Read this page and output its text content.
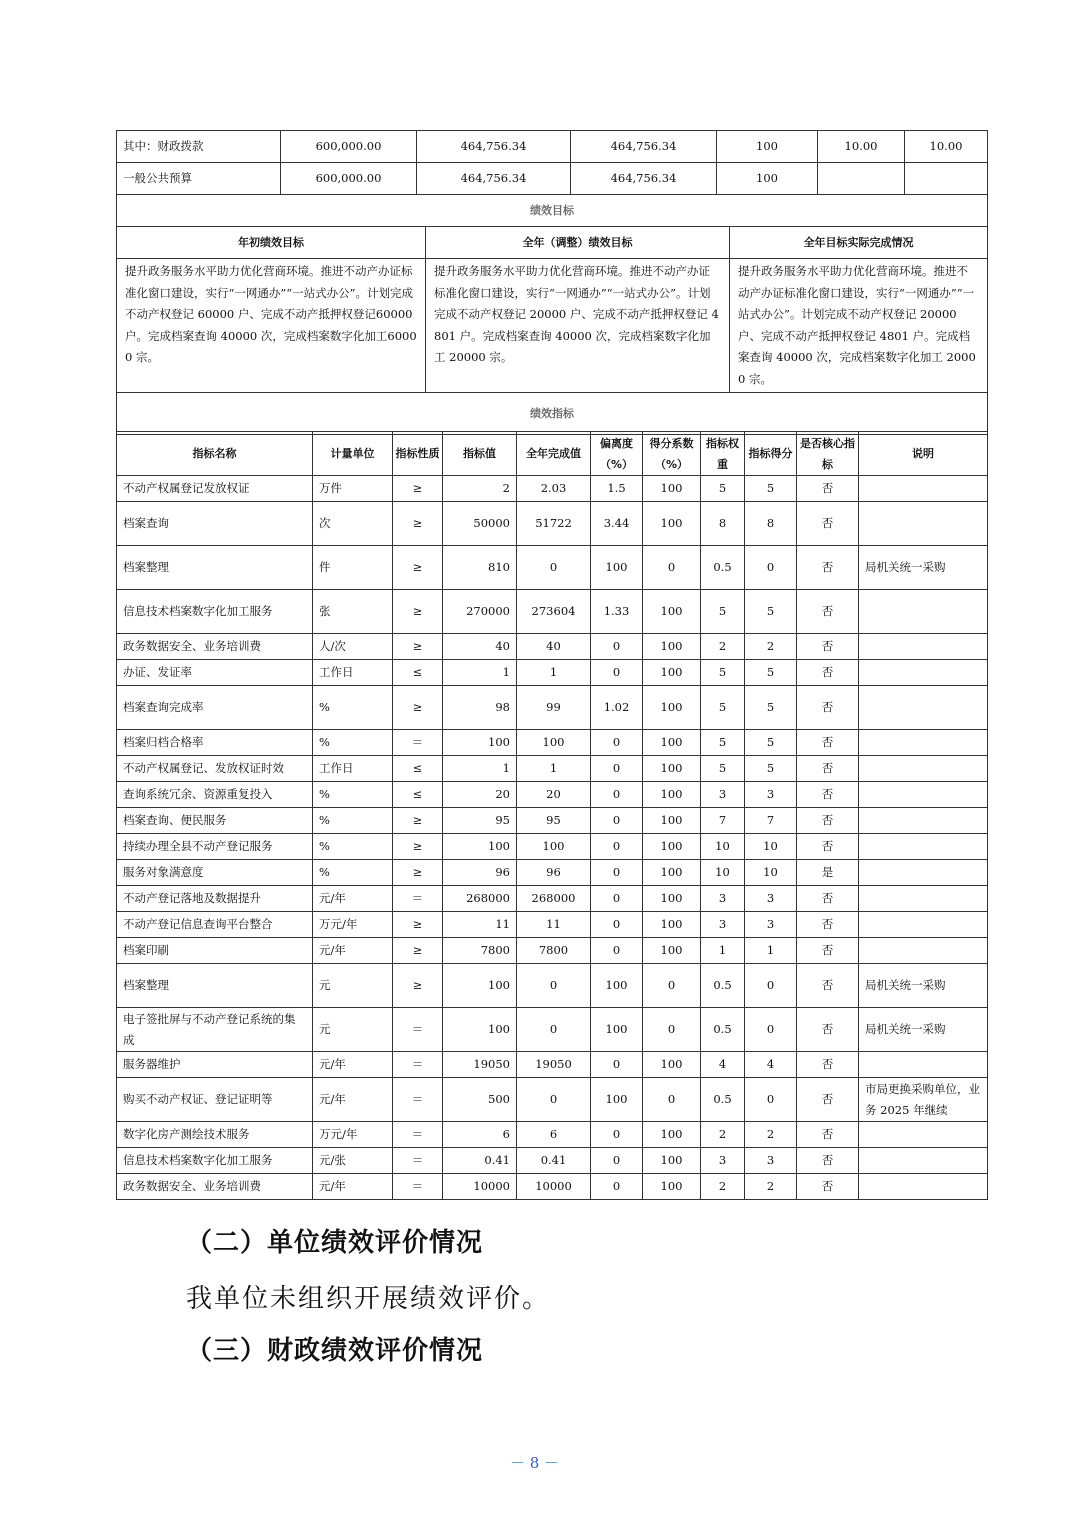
其中：财政拨款	600,000.00	464,756.34	464,756.34	100	10.00	10.00
一般公共预算	600,000.00	464,756.34	464,756.34	100		
绩效目标		
年初绩效目标	全年（调整）绩效目标	全年目标实际完成情况
提升政务服务水平助力优化营商环境。推进不动产办证标准化窗口建设，实行“一网通办”“一站式办公”。计划完成不动产权登记 60000 户、完成不动产抵押权登记60000 户。完成档案查询 40000 次，完成档案数字化加工60000 宗。	提升政务服务水平助力优化营商环境。推进不动产办证标准化窗口建设，实行“一网通办”“一站式办公”。计划完成不动产权登记 20000 户、完成不动产抵押权登记 4801 户。完成档案查询 40000 次，完成档案数字化加工 20000 宗。	提升政务服务水平助力优化营商环境。推进不动产办证标准化窗口建设，实行“一网通办”“一站式办公”。计划完成不动产权登记 20000 户、完成不动产抵押权登记 4801 户。完成档案查询 40000 次，完成档案数字化加工 20000 宗。
绩效指标		
指标名称	计量单位	指标性质	指标值	全年完成值	偏离度（%）	得分系数（%）	指标权重	指标得分	是否核心指标	说明
不动产权属登记发放权证	万件	≥	2	2.03	1.5	100	5	5	否	
档案查询	次	≥	50000	51722	3.44	100	8	8	否	
档案整理	件	≥	810	0	100	0	0.5	0	否	局机关统一采购
信息技术档案数字化加工服务	张	≥	270000	273604	1.33	100	5	5	否	
政务数据安全、业务培训费	人/次	≥	40	40	0	100	2	2	否	
办证、发证率	工作日	≤	1	1	0	100	5	5	否	
档案查询完成率	%	≥	98	99	1.02	100	5	5	否	
档案归档合格率	%	＝	100	100	0	100	5	5	否	
不动产权属登记、发放权证时效	工作日	≤	1	1	0	100	5	5	否	
查询系统冗余、资源重复投入	%	≤	20	20	0	100	3	3	否	
档案查询、便民服务	%	≥	95	95	0	100	7	7	否	
持续办理全县不动产登记服务	%	≥	100	100	0	100	10	10	否	
服务对象满意度	%	≥	96	96	0	100	10	10	是	
不动产登记落地及数据提升	元/年	＝	268000	268000	0	100	3	3	否	
不动产登记信息查询平台整合	万元/年	≥	11	11	0	100	3	3	否	
档案印刷	元/年	≥	7800	7800	0	100	1	1	否	
档案整理	元	≥	100	0	100	0	0.5	0	否	局机关统一采购
电子签批屏与不动产登记系统的集成	元	＝	100	0	100	0	0.5	0	否	局机关统一采购
服务器维护	元/年	＝	19050	19050	0	100	4	4	否	
购买不动产权证、登记证明等	元/年	＝	500	0	100	0	0.5	0	否	市局更换采购单位，业务 2025 年继续
数字化房产测绘技术服务	万元/年	＝	6	6	0	100	2	2	否	
信息技术档案数字化加工服务	元/张	＝	0.41	0.41	0	100	3	3	否	
政务数据安全、业务培训费	元/年	＝	10000	10000	0	100	2	2	否	
（二）单位绩效评价情况
我单位未组织开展绩效评价。
（三）财政绩效评价情况
－ 8 －
